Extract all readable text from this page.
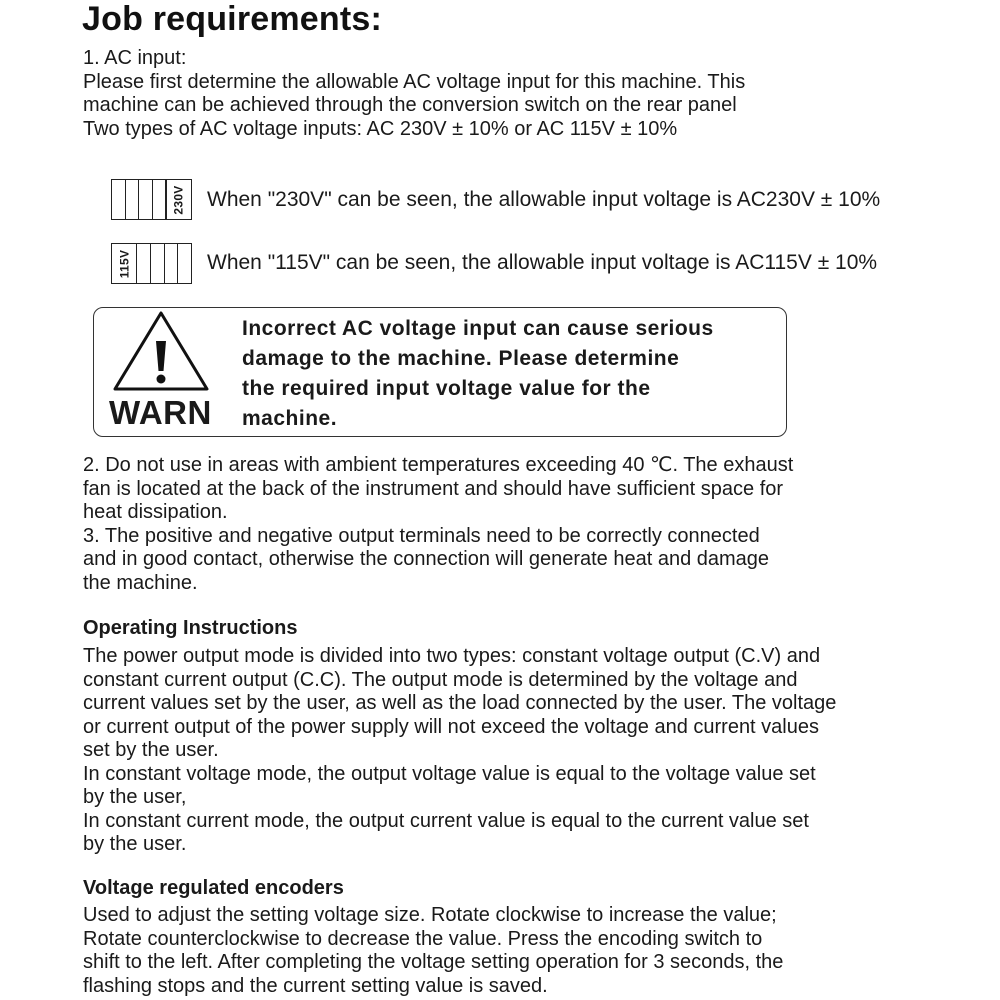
Job requirements:
1. AC input:
Please first determine the allowable AC voltage input for this machine. This
machine can be achieved through the conversion switch on the rear panel
Two types of AC voltage inputs: AC 230V ± 10% or AC 115V ± 10%
230V When "230V" can be seen, the allowable input voltage is AC230V ± 10%
115V	When "115V" can be seen, the allowable input voltage is AC115V ± 10%
WARN
Incorrect AC voltage input can cause serious
damage to the machine. Please determine
the required input voltage value for the
machine.
2. Do not use in areas with ambient temperatures exceeding 40 ℃. The exhaust
fan is located at the back of the instrument and should have sufficient space for
heat dissipation.
3. The positive and negative output terminals need to be correctly connected
and in good contact, otherwise the connection will generate heat and damage
the machine.
Operating Instructions
The power output mode is divided into two types: constant voltage output (C.V) and
constant current output (C.C). The output mode is determined by the voltage and
current values set by the user, as well as the load connected by the user. The voltage
or current output of the power supply will not exceed the voltage and current values
set by the user.
In constant voltage mode, the output voltage value is equal to the voltage value set
by the user,
In constant current mode, the output current value is equal to the current value set
by the user.
Voltage regulated encoders
Used to adjust the setting voltage size. Rotate clockwise to increase the value;
Rotate counterclockwise to decrease the value. Press the encoding switch to
shift to the left. After completing the voltage setting operation for 3 seconds, the
flashing stops and the current setting value is saved.
